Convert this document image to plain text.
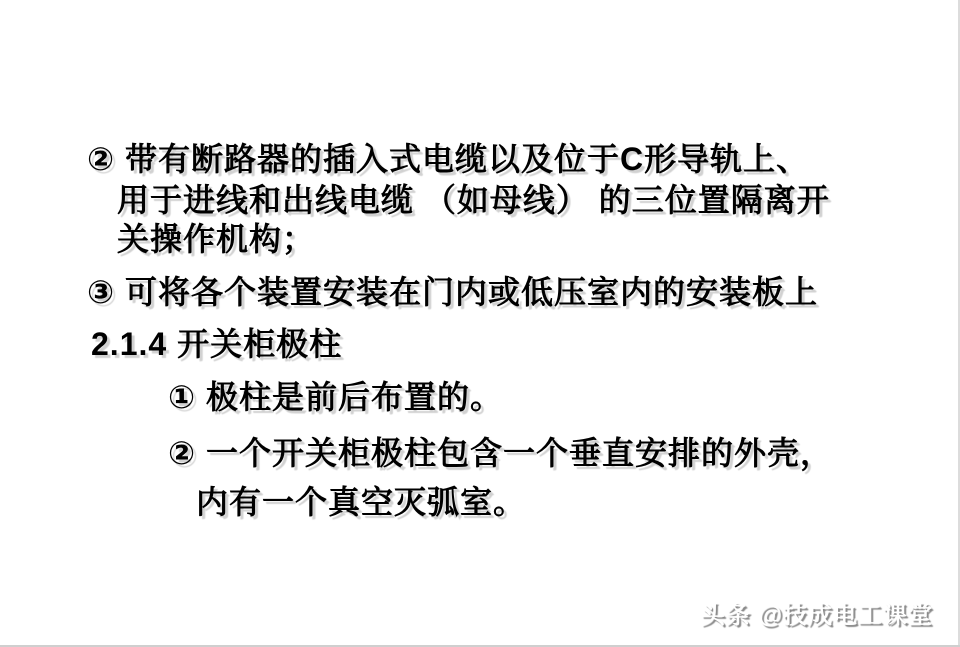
② 带有断路器的插入式电缆以及位于C形导轨上、
用于进线和出线电缆 （如母线） 的三位置隔离开
关操作机构；
③ 可将各个装置安装在门内或低压室内的安装板上
2.1.4 开关柜极柱
① 极柱是前后布置的。
② 一个开关柜极柱包含一个垂直安排的外壳，
内有一个真空灭弧室。
头条 @技成电工课堂
